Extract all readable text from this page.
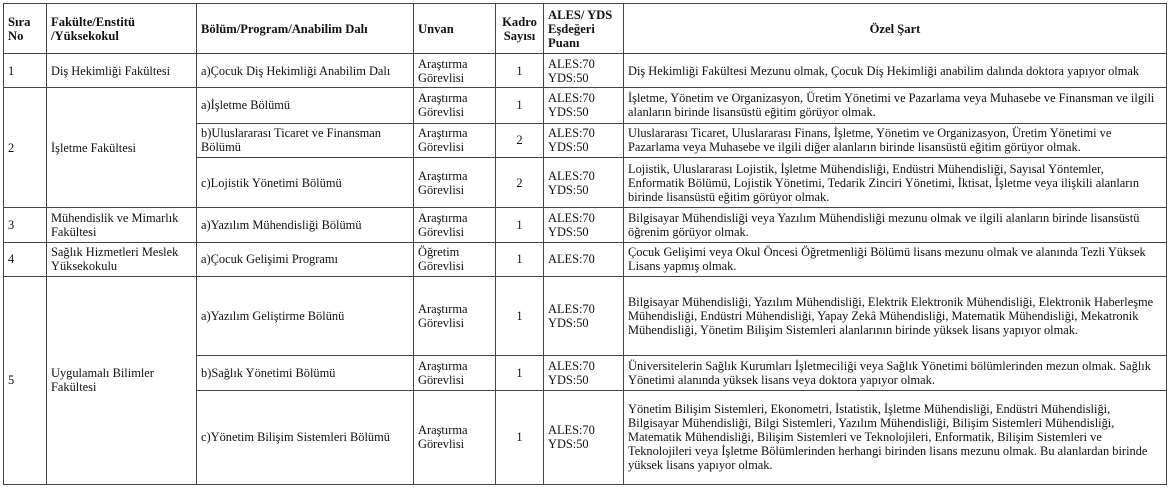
Sıra No	Fakülte/Enstitü /Yüksekokul	Bölüm/Program/Anabilim Dalı	Unvan	Kadro Sayısı	ALES/ YDS Eşdeğeri Puanı	Özel Şart
1	Diş Hekimliği Fakültesi	a)Çocuk Diş Hekimliği Anabilim Dalı	Araştırma Görevlisi	1	ALES:70 YDS:50	Diş Hekimliği Fakültesi Mezunu olmak, Çocuk Diş Hekimliği anabilim dalında doktora yapıyor olmak
2	İşletme Fakültesi	a)İşletme Bölümü	Araştırma Görevlisi	1	ALES:70 YDS:50	İşletme, Yönetim ve Organizasyon, Üretim Yönetimi ve Pazarlama veya Muhasebe ve Finansman ve ilgili alanların birinde lisansüstü eğitim görüyor olmak.
		b)Uluslararası Ticaret ve Finansman Bölümü	Araştırma Görevlisi	2	ALES:70 YDS:50	Uluslararası Ticaret, Uluslararası Finans, İşletme, Yönetim ve Organizasyon, Üretim Yönetimi ve Pazarlama veya Muhasebe ve ilgili diğer alanların birinde lisansüstü eğitim görüyor olmak.
		c)Lojistik Yönetimi Bölümü	Araştırma Görevlisi	2	ALES:70 YDS:50	Lojistik, Uluslararası Lojistik, İşletme Mühendisliği, Endüstri Mühendisliği, Sayısal Yöntemler, Enformatik Bölümü, Lojistik Yönetimi, Tedarik Zinciri Yönetimi, İktisat, İşletme veya ilişkili alanların birinde lisansüstü eğitim görüyor olmak.
3	Mühendislik ve Mimarlık Fakültesi	a)Yazılım Mühendisliği Bölümü	Araştırma Görevlisi	1	ALES:70 YDS:50	Bilgisayar Mühendisliği veya Yazılım Mühendisliği mezunu olmak ve ilgili alanların birinde lisansüstü öğrenim görüyor olmak.
4	Sağlık Hizmetleri Meslek Yüksekokulu	a)Çocuk Gelişimi Programı	Öğretim Görevlisi	1	ALES:70	Çocuk Gelişimi veya Okul Öncesi Öğretmenliği Bölümü lisans mezunu olmak ve alanında Tezli Yüksek Lisans yapmış olmak.
5	Uygulamalı Bilimler Fakültesi	a)Yazılım Geliştirme Bölünü	Araştırma Görevlisi	1	ALES:70 YDS:50	Bilgisayar Mühendisliği, Yazılım Mühendisliği, Elektrik Elektronik Mühendisliği, Elektronik Haberleşme Mühendisliği, Endüstri Mühendisliği, Yapay Zekâ Mühendisliği, Matematik Mühendisliği, Mekatronik Mühendisliği, Yönetim Bilişim Sistemleri alanlarının birinde yüksek lisans yapıyor olmak.
		b)Sağlık Yönetimi Bölümü	Araştırma Görevlisi	1	ALES:70 YDS:50	Üniversitelerin Sağlık Kurumları İşletmeciliği veya Sağlık Yönetimi bölümlerinden mezun olmak. Sağlık Yönetimi alanında yüksek lisans veya doktora yapıyor olmak.
		c)Yönetim Bilişim Sistemleri Bölümü	Araştırma Görevlisi	1	ALES:70 YDS:50	Yönetim Bilişim Sistemleri, Ekonometri, İstatistik, İşletme Mühendisliği, Endüstri Mühendisliği, Bilgisayar Mühendisliği, Bilgi Sistemleri, Yazılım Mühendisliği, Bilişim Sistemleri Mühendisliği, Matematik Mühendisliği, Bilişim Sistemleri ve Teknolojileri, Enformatik, Bilişim Sistemleri ve Teknolojileri veya İşletme Bölümlerinden herhangi birinden lisans mezunu olmak. Bu alanlardan birinde yüksek lisans yapıyor olmak.
